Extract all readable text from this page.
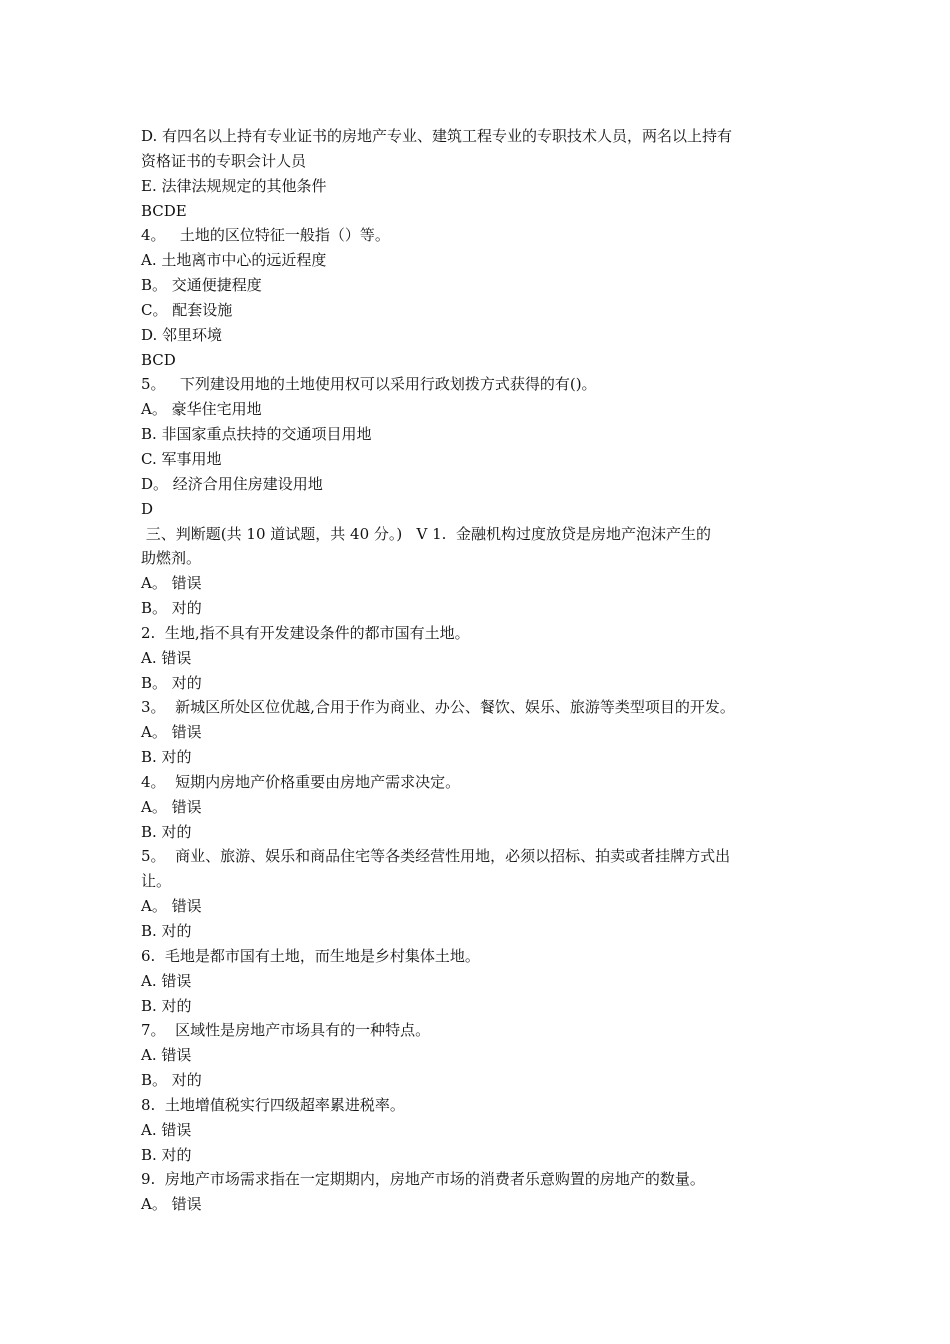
D. 有四名以上持有专业证书的房地产专业、建筑工程专业的专职技术人员，两名以上持有
资格证书的专职会计人员
E. 法律法规规定的其他条件
BCDE
4。   土地的区位特征一般指（）等。
A. 土地离市中心的远近程度
B。 交通便捷程度
C。 配套设施
D. 邻里环境
BCD
5。   下列建设用地的土地使用权可以采用行政划拨方式获得的有()。
A。 豪华住宅用地
B. 非国家重点扶持的交通项目用地
C. 军事用地
D。 经济合用住房建设用地
D
三、判断题(共 10 道试题，共 40 分。)   V 1.  金融机构过度放贷是房地产泡沫产生的
助燃剂。
A。 错误
B。 对的
2.  生地,指不具有开发建设条件的都市国有土地。
A. 错误
B。 对的
3。  新城区所处区位优越,合用于作为商业、办公、餐饮、娱乐、旅游等类型项目的开发。
A。 错误
B. 对的
4。  短期内房地产价格重要由房地产需求决定。
A。 错误
B. 对的
5。  商业、旅游、娱乐和商品住宅等各类经营性用地，必须以招标、拍卖或者挂牌方式出
让。
A。 错误
B. 对的
6.  毛地是都市国有土地，而生地是乡村集体土地。
A. 错误
B. 对的
7。  区域性是房地产市场具有的一种特点。
A. 错误
B。 对的
8.  土地增值税实行四级超率累进税率。
A. 错误
B. 对的
9.  房地产市场需求指在一定期期内，房地产市场的消费者乐意购置的房地产的数量。
A。 错误
